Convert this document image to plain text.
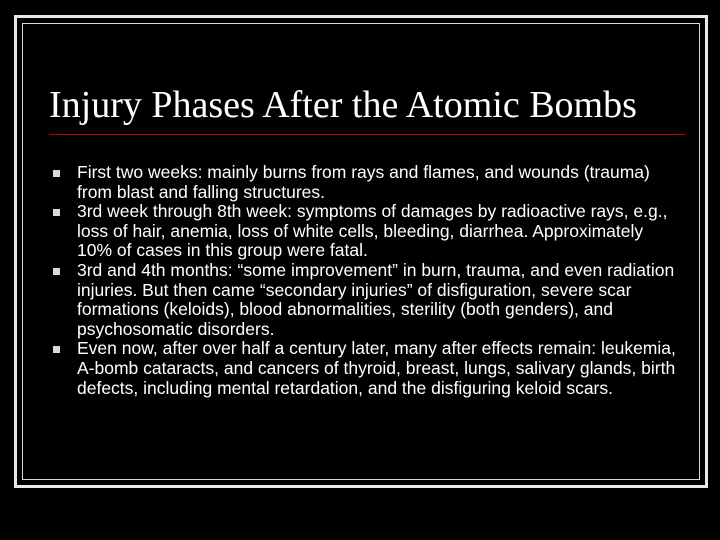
Injury Phases After the Atomic Bombs
First two weeks: mainly burns from rays and flames, and wounds (trauma) from blast and falling structures.
3rd week through 8th week: symptoms of damages by radioactive rays, e.g., loss of hair, anemia, loss of white cells, bleeding, diarrhea. Approximately 10% of cases in this group were fatal.
3rd and 4th months: “some improvement” in burn, trauma, and even radiation injuries. But then came “secondary injuries” of disfiguration, severe scar formations (keloids), blood abnormalities, sterility (both genders), and psychosomatic disorders.
Even now, after over half a century later, many after effects remain: leukemia, A-bomb cataracts, and cancers of thyroid, breast, lungs, salivary glands, birth defects, including mental retardation, and the disfiguring keloid scars.
